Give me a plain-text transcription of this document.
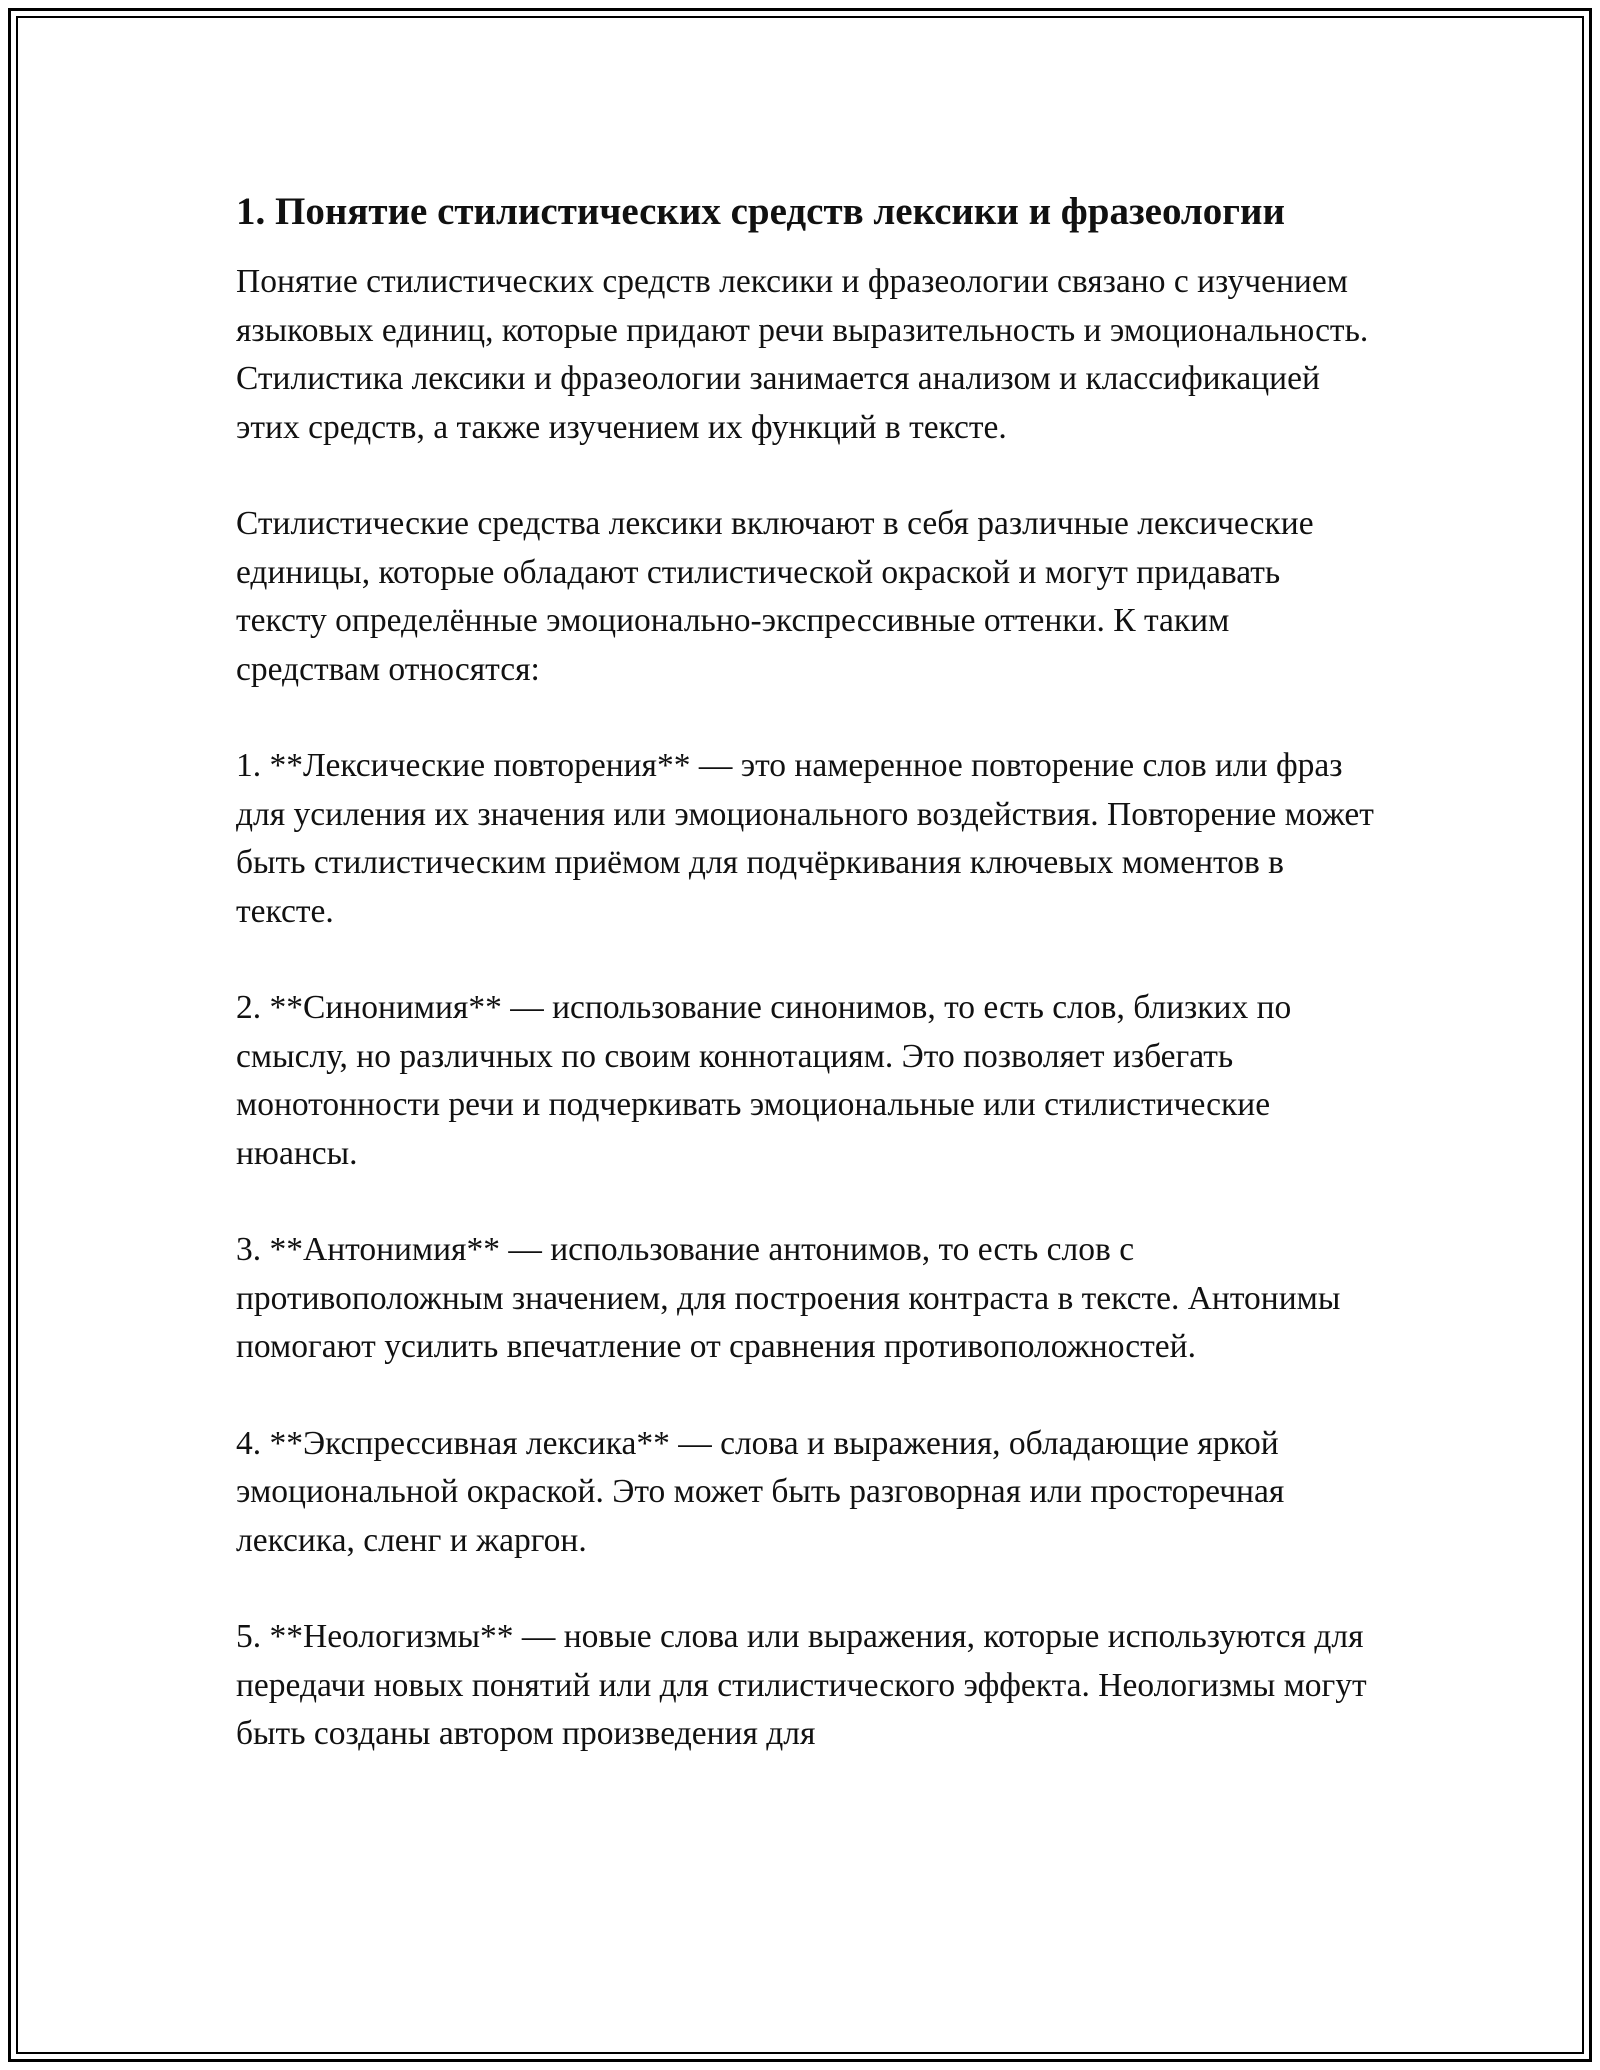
1. Понятие стилистических средств лексики и фразеологии

Понятие стилистических средств лексики и фразеологии связано с изучением языковых единиц, которые придают речи выразительность и эмоциональность. Стилистика лексики и фразеологии занимается анализом и классификацией этих средств, а также изучением их функций в тексте.

Стилистические средства лексики включают в себя различные лексические единицы, которые обладают стилистической окраской и могут придавать тексту определённые эмоционально-экспрессивные оттенки. К таким средствам относятся:

1. **Лексические повторения** — это намеренное повторение слов или фраз для усиления их значения или эмоционального воздействия. Повторение может быть стилистическим приёмом для подчёркивания ключевых моментов в тексте.

2. **Синонимия** — использование синонимов, то есть слов, близких по смыслу, но различных по своим коннотациям. Это позволяет избегать монотонности речи и подчеркивать эмоциональные или стилистические нюансы.

3. **Антонимия** — использование антонимов, то есть слов с противоположным значением, для построения контраста в тексте. Антонимы помогают усилить впечатление от сравнения противоположностей.

4. **Экспрессивная лексика** — слова и выражения, обладающие яркой эмоциональной окраской. Это может быть разговорная или просторечная лексика, сленг и жаргон.

5. **Неологизмы** — новые слова или выражения, которые используются для передачи новых понятий или для стилистического эффекта. Неологизмы могут быть созданы автором произведения для
